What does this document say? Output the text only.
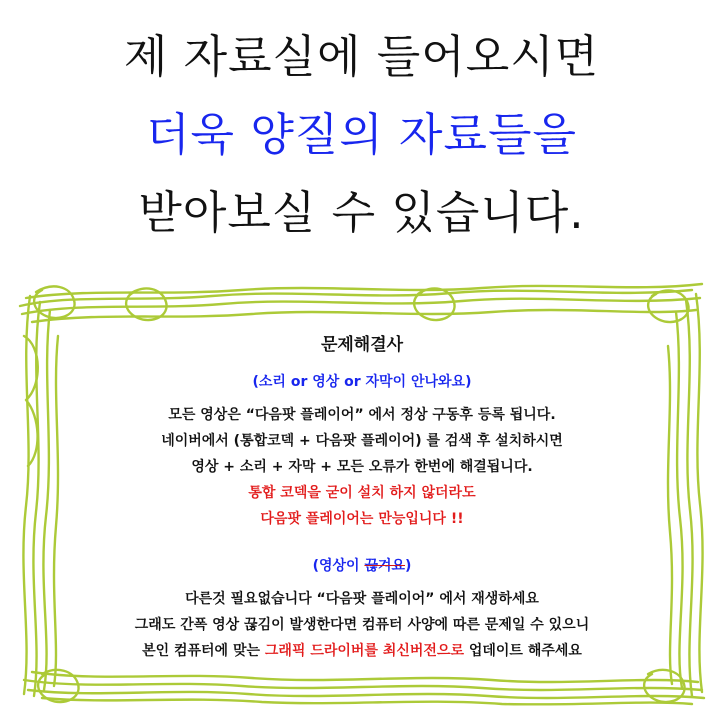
제 자료실에 들어오시면
더욱 양질의 자료들을
받아보실 수 있습니다.
문제해결사
(소리 or 영상 or 자막이 안나와요)
모든 영상은 “다음팟 플레이어” 에서 정상 구동후 등록 됩니다.
네이버에서 (통합코덱 + 다음팟 플레이어) 를 검색 후 설치하시면
영상 + 소리 + 자막 + 모든 오류가 한번에 해결됩니다.
통합 코덱을 굳이 설치 하지 않더라도
다음팟 플레이어는 만능입니다 !!
(영상이 끊겨요)
다른것 필요없습니다 “다음팟 플레이어” 에서 재생하세요
그래도 간폭 영상 끊김이 발생한다면 컴퓨터 사양에 따른 문제일 수 있으니
본인 컴퓨터에 맞는 그래픽 드라이버를 최신버전으로 업데이트 해주세요
